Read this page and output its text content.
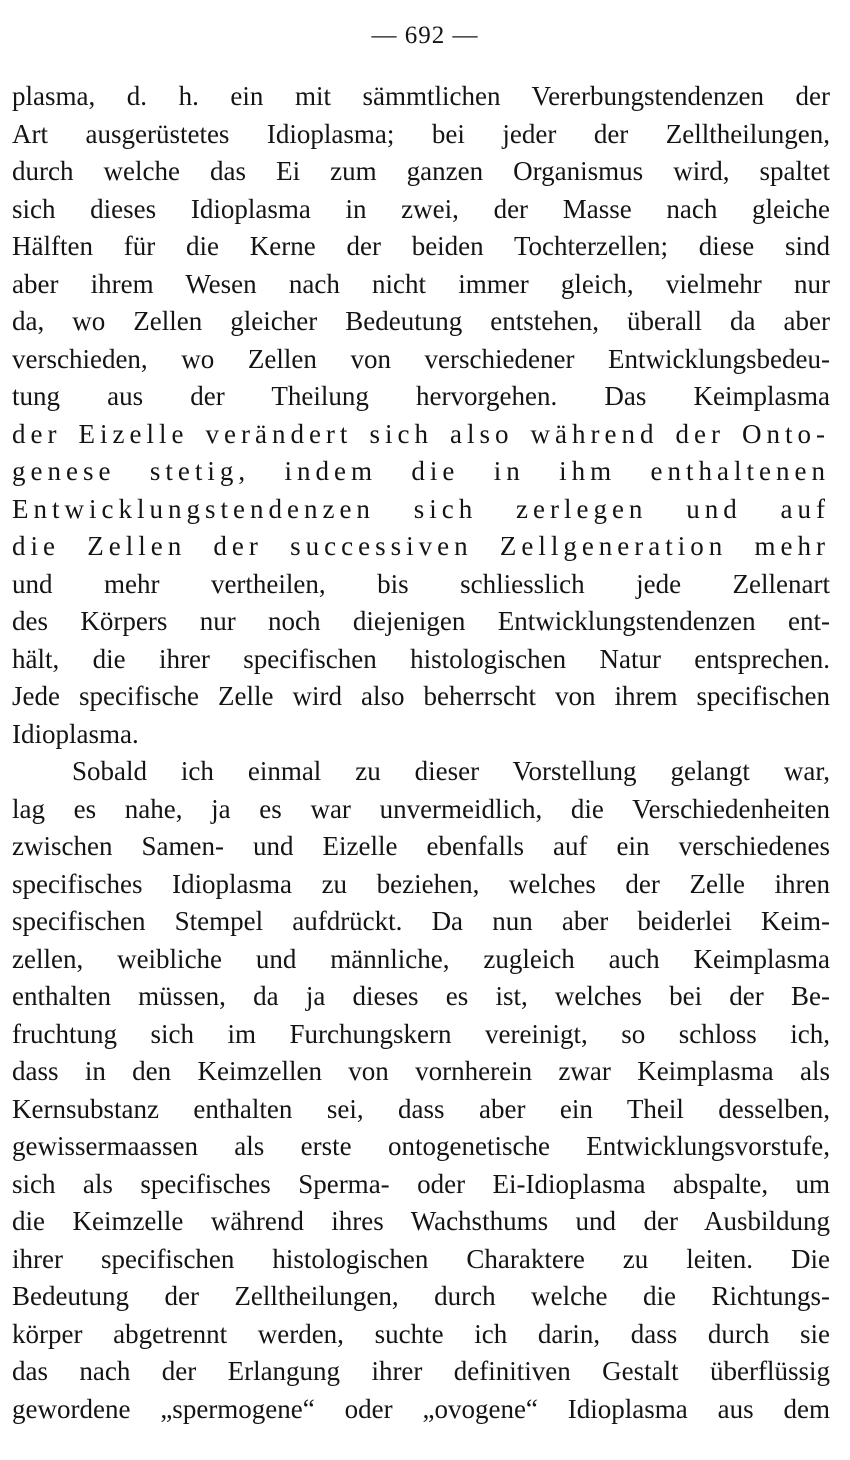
— 692 —
plasma, d. h. ein mit sämmtlichen Vererbungstendenzen der
Art ausgerüstetes Idioplasma; bei jeder der Zelltheilungen,
durch welche das Ei zum ganzen Organismus wird, spaltet
sich dieses Idioplasma in zwei, der Masse nach gleiche
Hälften für die Kerne der beiden Tochterzellen; diese sind
aber ihrem Wesen nach nicht immer gleich, vielmehr nur
da, wo Zellen gleicher Bedeutung entstehen, überall da aber
verschieden, wo Zellen von verschiedener Entwicklungsbedeu-
tung aus der Theilung hervorgehen. Das Keimplasma
der Eizelle verändert sich also während der Onto-
genese stetig, indem die in ihm enthaltenen
Entwicklungstendenzen sich zerlegen und auf
die Zellen der successiven Zellgeneration mehr
und mehr vertheilen, bis schliesslich jede Zellenart
des Körpers nur noch diejenigen Entwicklungstendenzen ent-
hält, die ihrer specifischen histologischen Natur entsprechen.
Jede specifische Zelle wird also beherrscht von ihrem specifischen
Idioplasma.
Sobald ich einmal zu dieser Vorstellung gelangt war,
lag es nahe, ja es war unvermeidlich, die Verschiedenheiten
zwischen Samen- und Eizelle ebenfalls auf ein verschiedenes
specifisches Idioplasma zu beziehen, welches der Zelle ihren
specifischen Stempel aufdrückt. Da nun aber beiderlei Keim-
zellen, weibliche und männliche, zugleich auch Keimplasma
enthalten müssen, da ja dieses es ist, welches bei der Be-
fruchtung sich im Furchungskern vereinigt, so schloss ich,
dass in den Keimzellen von vornherein zwar Keimplasma als
Kernsubstanz enthalten sei, dass aber ein Theil desselben,
gewissermaassen als erste ontogenetische Entwicklungsvorstufe,
sich als specifisches Sperma- oder Ei-Idioplasma abspalte, um
die Keimzelle während ihres Wachsthums und der Ausbildung
ihrer specifischen histologischen Charaktere zu leiten. Die
Bedeutung der Zelltheilungen, durch welche die Richtungs-
körper abgetrennt werden, suchte ich darin, dass durch sie
das nach der Erlangung ihrer definitiven Gestalt überflüssig
gewordene „spermogene“ oder „ovogene“ Idioplasma aus dem
